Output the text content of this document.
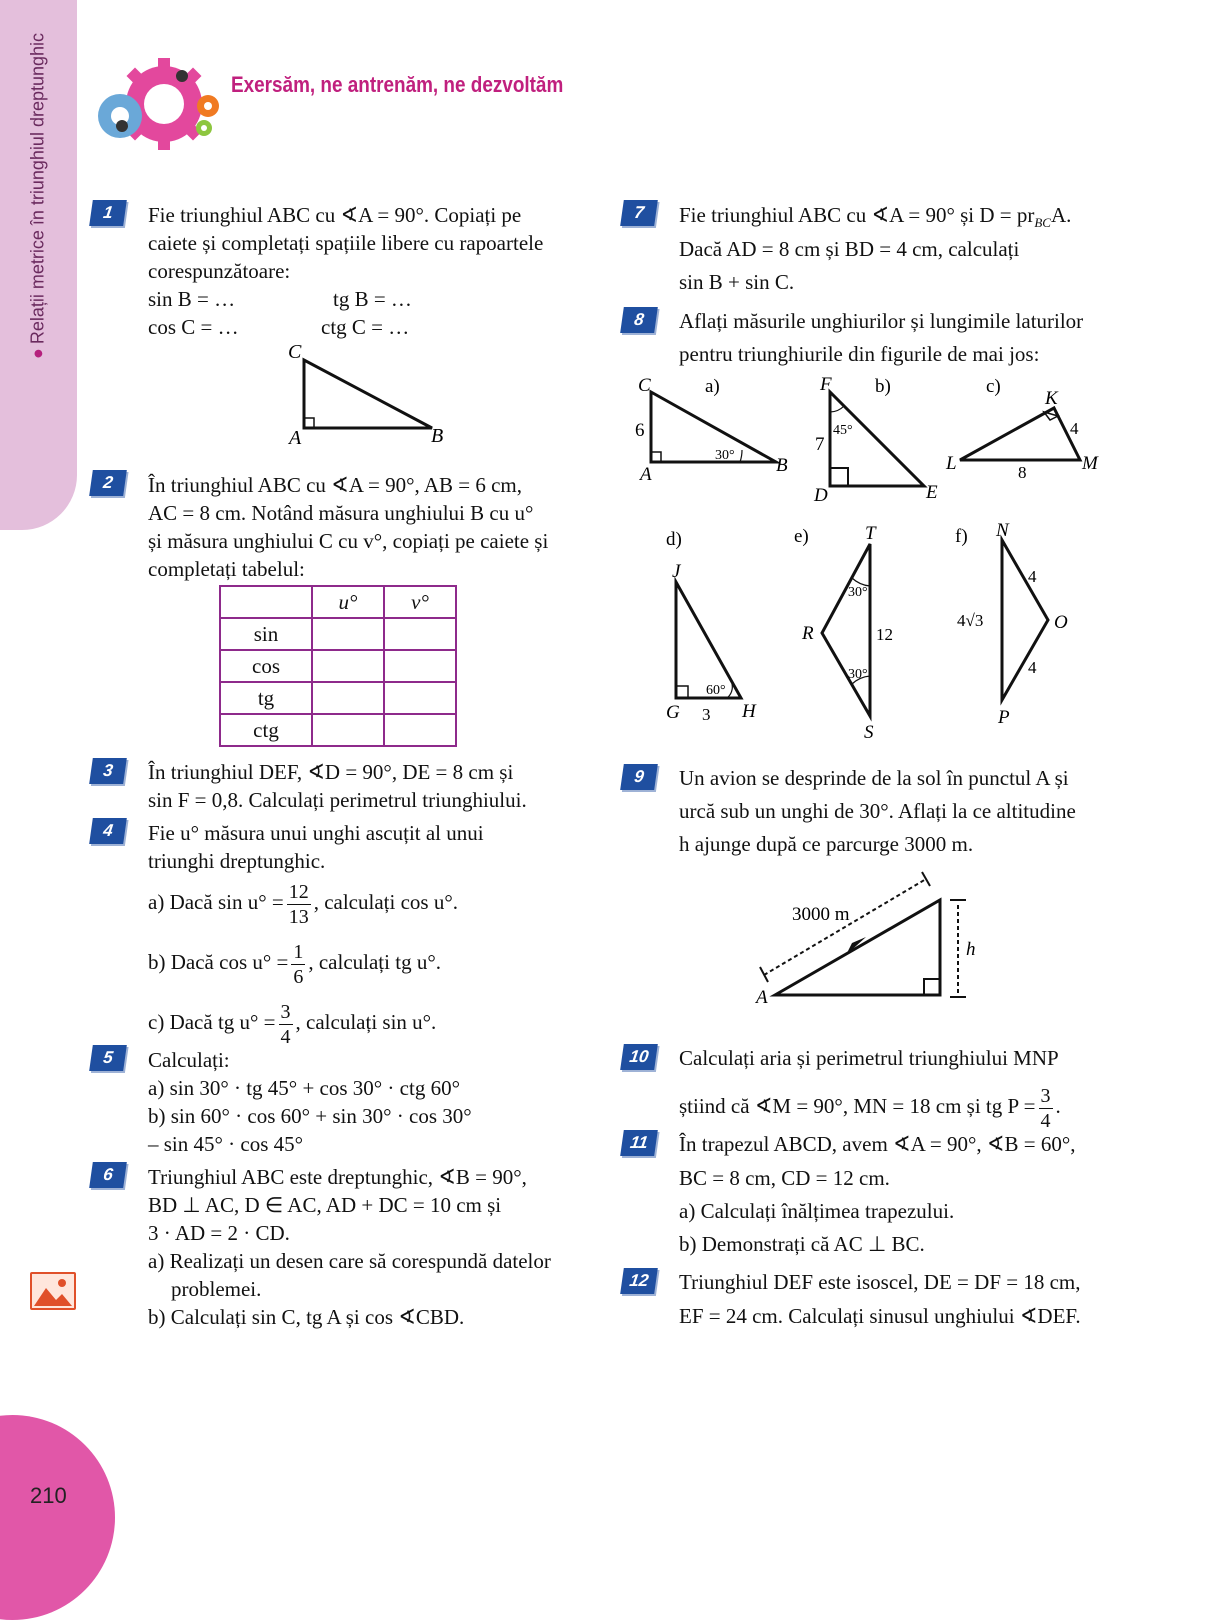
●Relații metrice în triunghiul dreptunghic
210
Exersăm, ne antrenăm, ne dezvoltăm
1	Fie triunghiul ABC cu ∢A = 90°. Copiați pe
caiete și completați spațiile libere cu rapoartele
corespunzătoare:
sin B = …	tg B = …
cos C = …	ctg C = …
C
A	B
2	În triunghiul ABC cu ∢A = 90°, AB = 6 cm,
AC = 8 cm. Notând măsura unghiului B cu u°
și măsura unghiului C cu v°, copiați pe caiete și
completați tabelul:
	u°	v°
sin		
cos		
tg		
ctg		
3	În triunghiul DEF, ∢D = 90°, DE = 8 cm și
sin F = 0,8. Calculați perimetrul triunghiului.
4	Fie u° măsura unui unghi ascuțit al unui
triunghi dreptunghic.
a) Dacă $\sin u^\circ = \frac{12}{13}$ , calculați cos u°.
b) Dacă $\cos u^\circ = \frac{1}{6}$ , calculați tg u°.
c) Dacă tg $u^\circ = \frac{3}{4}$ , calculați sin u°.
5	Calculați:
a) sin 30° · tg 45° + cos 30° · ctg 60°
b) sin 60° · cos 60° + sin 30° · cos 30°
– sin 45° · cos 45°
6	Triunghiul ABC este dreptunghic, ∢B = 90°,
BD ⊥ AC, D ∈ AC, AD + DC = 10 cm și
3 · AD = 2 · CD.
a) Realizați un desen care să corespundă datelor
problemei.
b) Calculați sin C, tg A și cos ∢CBD.
7	Fie triunghiul ABC cu ∢A = 90° și $D = pr_{BC}A$.
Dacă AD = 8 cm și BD = 4 cm, calculați
sin B + sin C.
8	Aflați măsurile unghiurilor și lungimile laturilor
pentru triunghiurile din figurile de mai jos:
a)
C
A	B
6
30°
b)
F
D	E
7
45°
c)
K
L	M
4
8
d)
J
G	H
3
60°
e)	T
R
S
12
30°
30°
f) N
O
P
4
4
4√3
9	Un avion se desprinde de la sol în punctul A și
urcă sub un unghi de 30°. Aflați la ce altitudine
h ajunge după ce parcurge 3000 m.
3000 m
h
A
10	Calculați aria și perimetrul triunghiului MNP
știind că ∢M = 90°, MN = 18 cm și tg $P = \frac{3}{4}$ .
11	În trapezul ABCD, avem ∢A = 90°, ∢B = 60°,
BC = 8 cm, CD = 12 cm.
a) Calculați înălțimea trapezului.
b) Demonstrați că AC ⊥ BC.
12	Triunghiul DEF este isoscel, DE = DF = 18 cm,
EF = 24 cm. Calculați sinusul unghiului ∢DEF.
